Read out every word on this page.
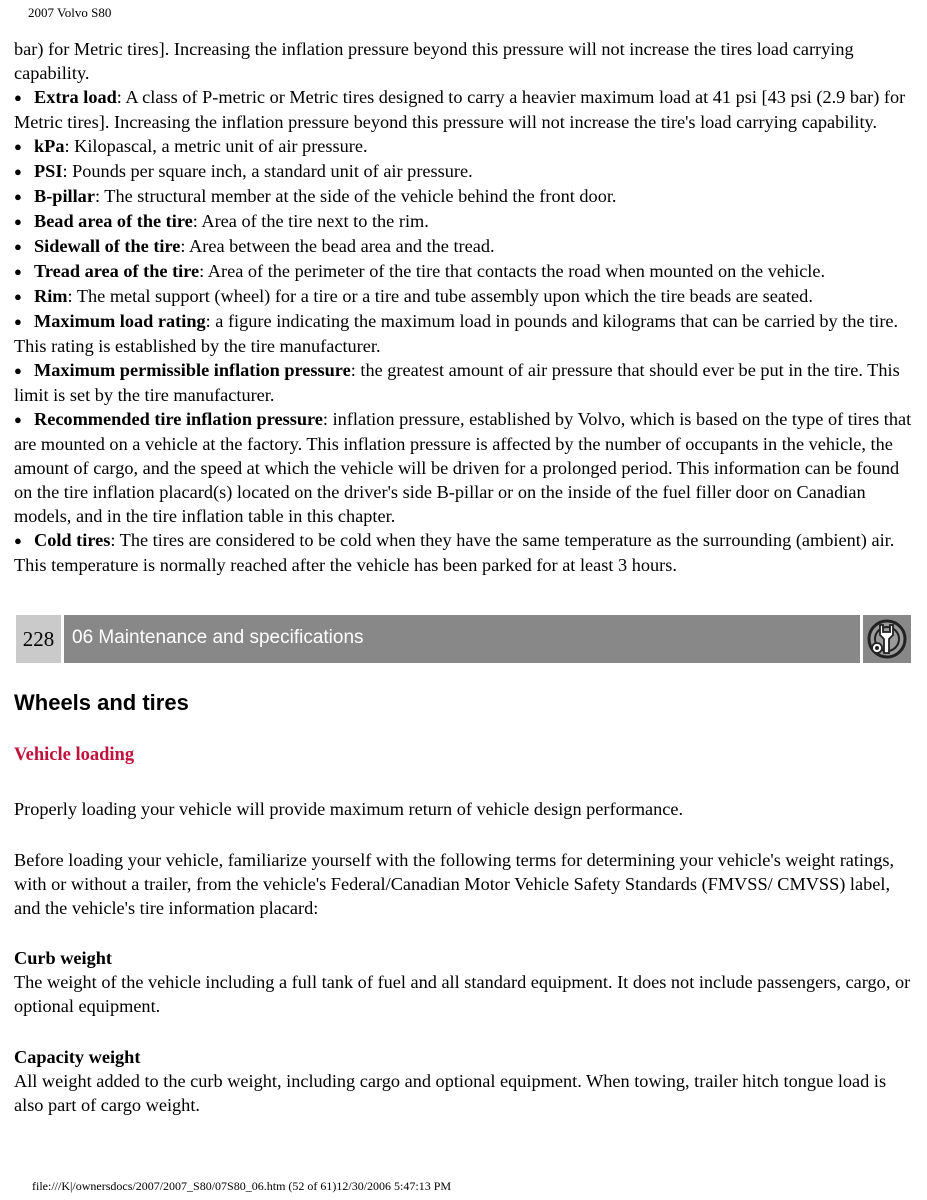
2007 Volvo S80

bar) for Metric tires]. Increasing the inflation pressure beyond this pressure will not increase the tires load carrying capability.

● Extra load: A class of P-metric or Metric tires designed to carry a heavier maximum load at 41 psi [43 psi (2.9 bar) for Metric tires]. Increasing the inflation pressure beyond this pressure will not increase the tire's load carrying capability.

● kPa: Kilopascal, a metric unit of air pressure.

● PSI: Pounds per square inch, a standard unit of air pressure.

● B-pillar: The structural member at the side of the vehicle behind the front door.

● Bead area of the tire: Area of the tire next to the rim.

● Sidewall of the tire: Area between the bead area and the tread.

● Tread area of the tire: Area of the perimeter of the tire that contacts the road when mounted on the vehicle.

● Rim: The metal support (wheel) for a tire or a tire and tube assembly upon which the tire beads are seated.

● Maximum load rating: a figure indicating the maximum load in pounds and kilograms that can be carried by the tire. This rating is established by the tire manufacturer.

● Maximum permissible inflation pressure: the greatest amount of air pressure that should ever be put in the tire. This limit is set by the tire manufacturer.

● Recommended tire inflation pressure: inflation pressure, established by Volvo, which is based on the type of tires that are mounted on a vehicle at the factory. This inflation pressure is affected by the number of occupants in the vehicle, the amount of cargo, and the speed at which the vehicle will be driven for a prolonged period. This information can be found on the tire inflation placard(s) located on the driver's side B-pillar or on the inside of the fuel filler door on Canadian models, and in the tire inflation table in this chapter.

● Cold tires: The tires are considered to be cold when they have the same temperature as the surrounding (ambient) air. This temperature is normally reached after the vehicle has been parked for at least 3 hours.

228 06 Maintenance and specifications
Wheels and tires
Vehicle loading
Properly loading your vehicle will provide maximum return of vehicle design performance.
Before loading your vehicle, familiarize yourself with the following terms for determining your vehicle's weight ratings, with or without a trailer, from the vehicle's Federal/Canadian Motor Vehicle Safety Standards (FMVSS/ CMVSS) label, and the vehicle's tire information placard:
Curb weight
The weight of the vehicle including a full tank of fuel and all standard equipment. It does not include passengers, cargo, or optional equipment.
Capacity weight
All weight added to the curb weight, including cargo and optional equipment. When towing, trailer hitch tongue load is also part of cargo weight.
file:///K|/ownersdocs/2007/2007_S80/07S80_06.htm (52 of 61)12/30/2006 5:47:13 PM
